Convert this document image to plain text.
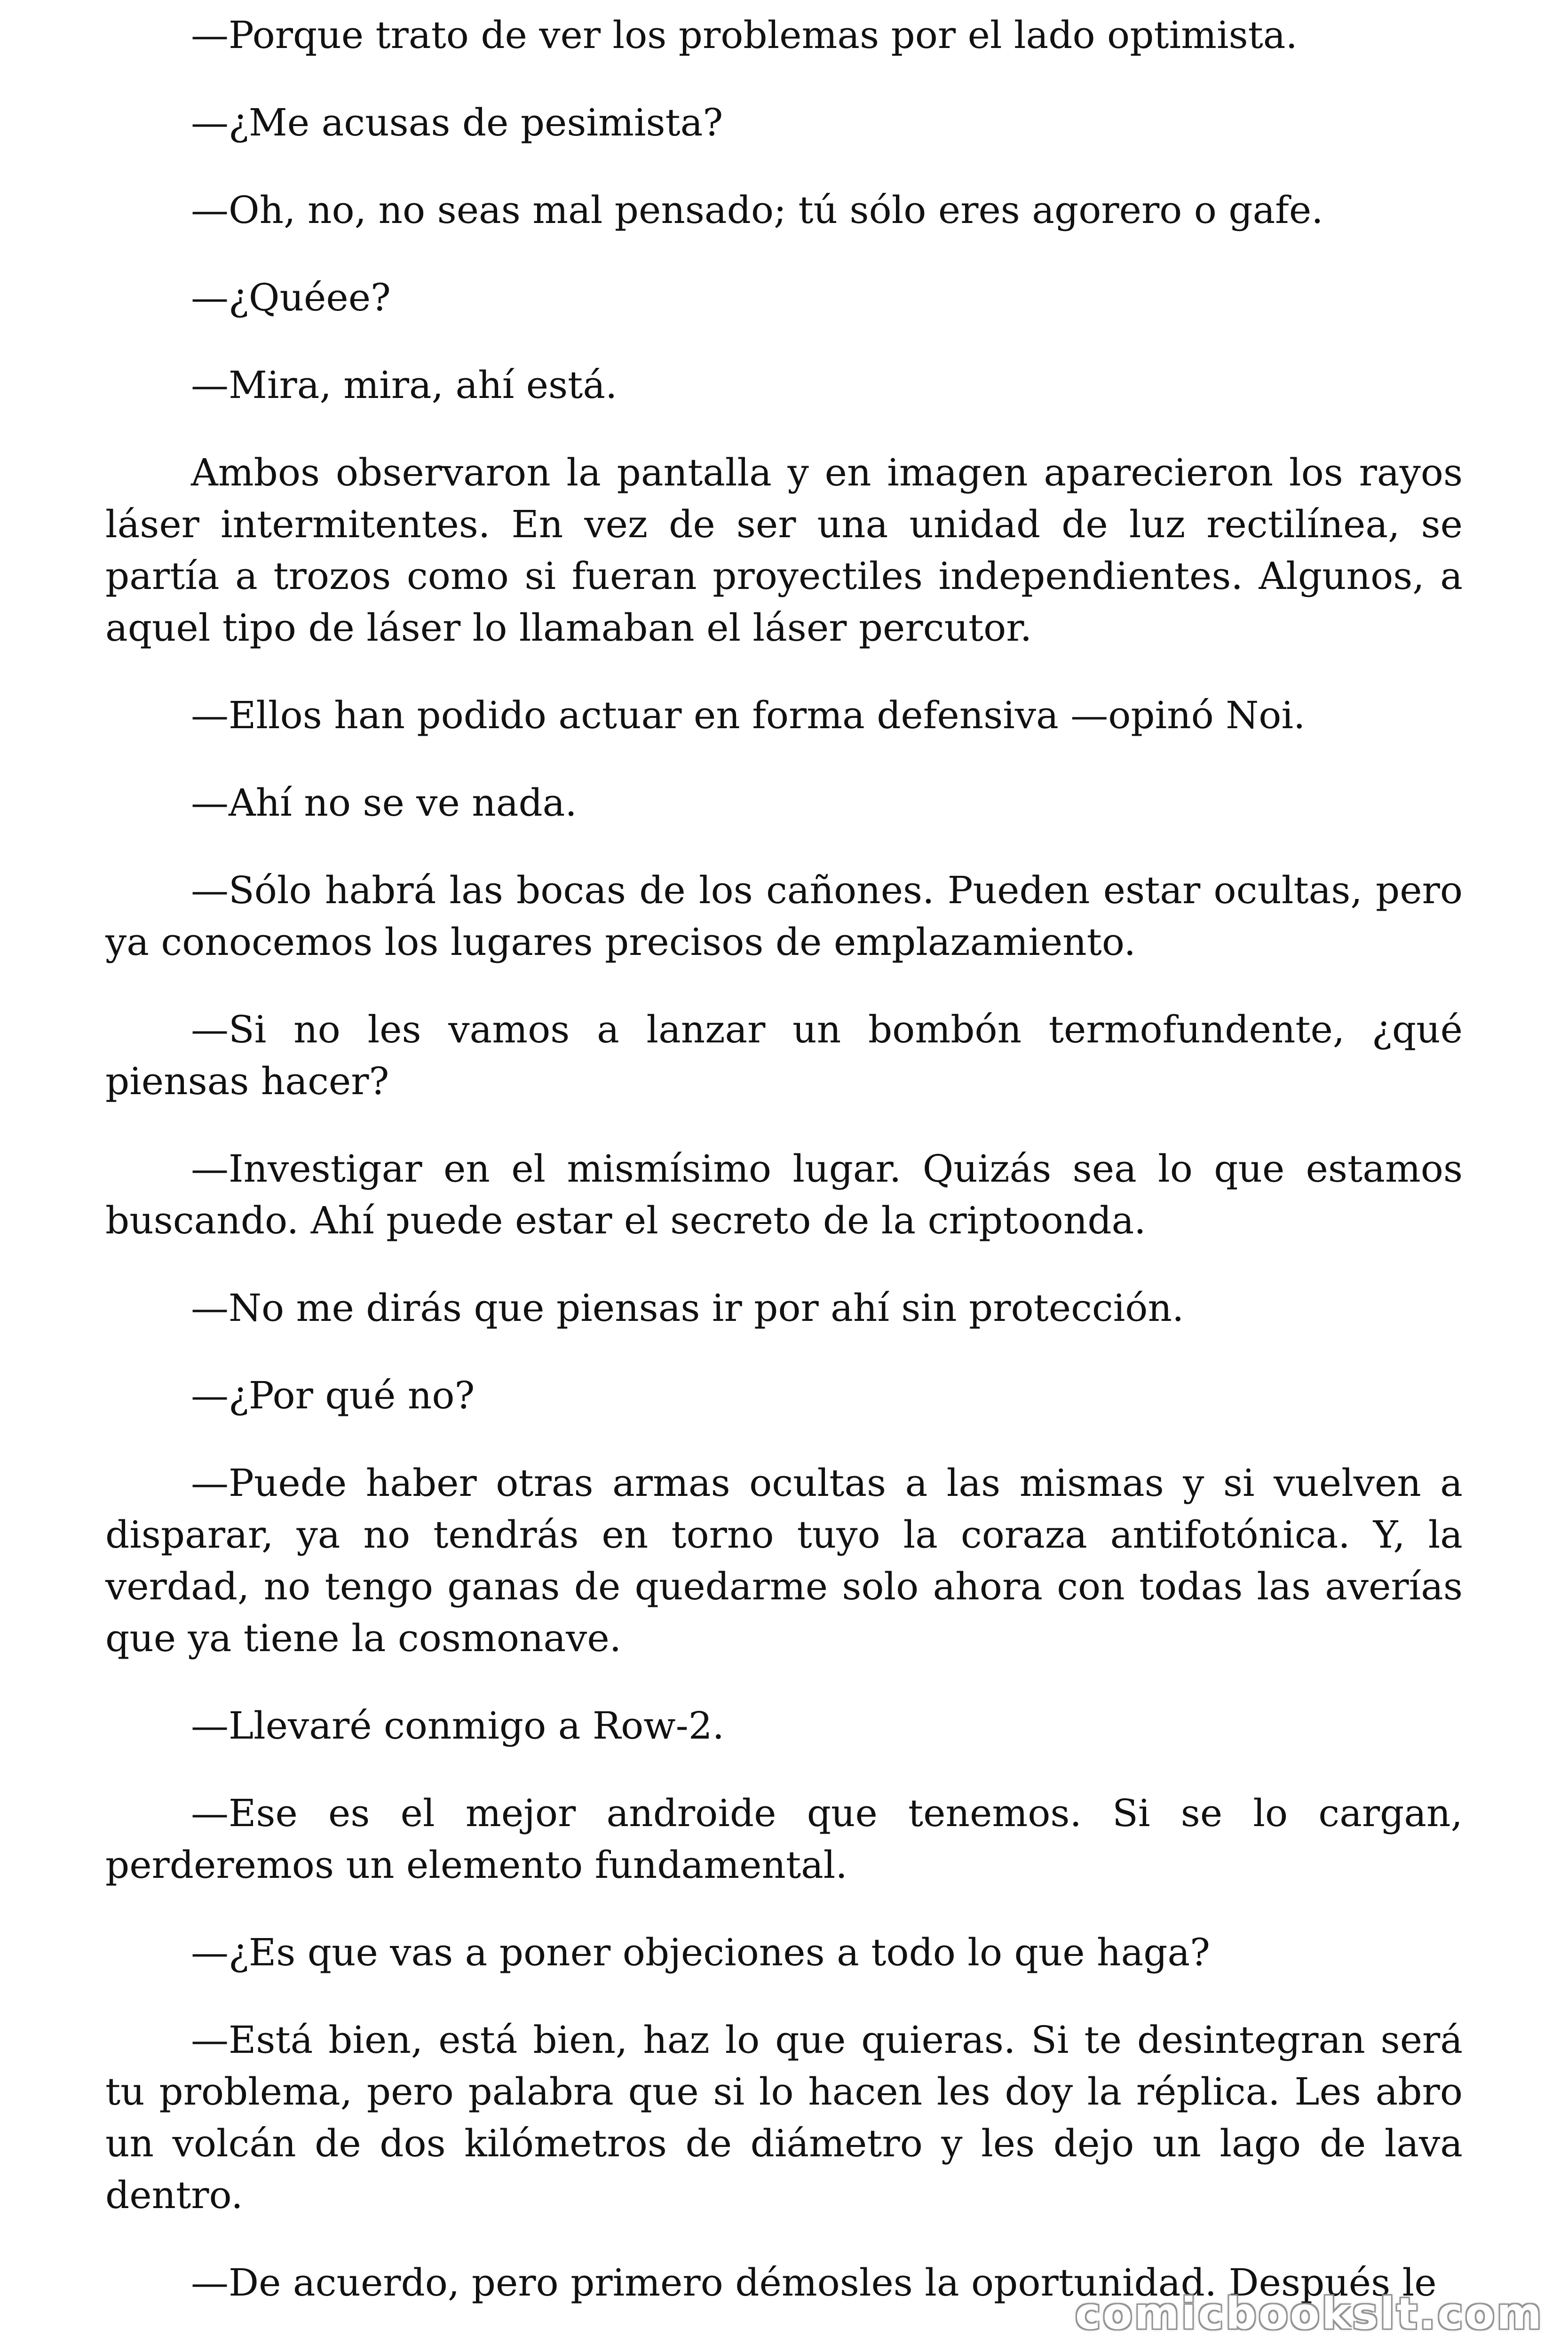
—Porque trato de ver los problemas por el lado optimista.

—¿Me acusas de pesimista?

—Oh, no, no seas mal pensado; tú sólo eres agorero o gafe.

—¿Quéee?

—Mira, mira, ahí está.

Ambos observaron la pantalla y en imagen aparecieron los rayos láser intermitentes. En vez de ser una unidad de luz rectilínea, se partía a trozos como si fueran proyectiles independientes. Algunos, a aquel tipo de láser lo llamaban el láser percutor.

—Ellos han podido actuar en forma defensiva —opinó Noi.

—Ahí no se ve nada.

—Sólo habrá las bocas de los cañones. Pueden estar ocultas, pero ya conocemos los lugares precisos de emplazamiento.

—Si no les vamos a lanzar un bombón termofundente, ¿qué piensas hacer?

—Investigar en el mismísimo lugar. Quizás sea lo que estamos buscando. Ahí puede estar el secreto de la criptoonda.

—No me dirás que piensas ir por ahí sin protección.

—¿Por qué no?

—Puede haber otras armas ocultas a las mismas y si vuelven a disparar, ya no tendrás en torno tuyo la coraza antifotónica. Y, la verdad, no tengo ganas de quedarme solo ahora con todas las averías que ya tiene la cosmonave.

—Llevaré conmigo a Row-2.

—Ese es el mejor androide que tenemos. Si se lo cargan, perderemos un elemento fundamental.

—¿Es que vas a poner objeciones a todo lo que haga?

—Está bien, está bien, haz lo que quieras. Si te desintegran será tu problema, pero palabra que si lo hacen les doy la réplica. Les abro un volcán de dos kilómetros de diámetro y les dejo un lago de lava dentro.

—De acuerdo, pero primero démosles la oportunidad. Después le

comicbookslt.com
